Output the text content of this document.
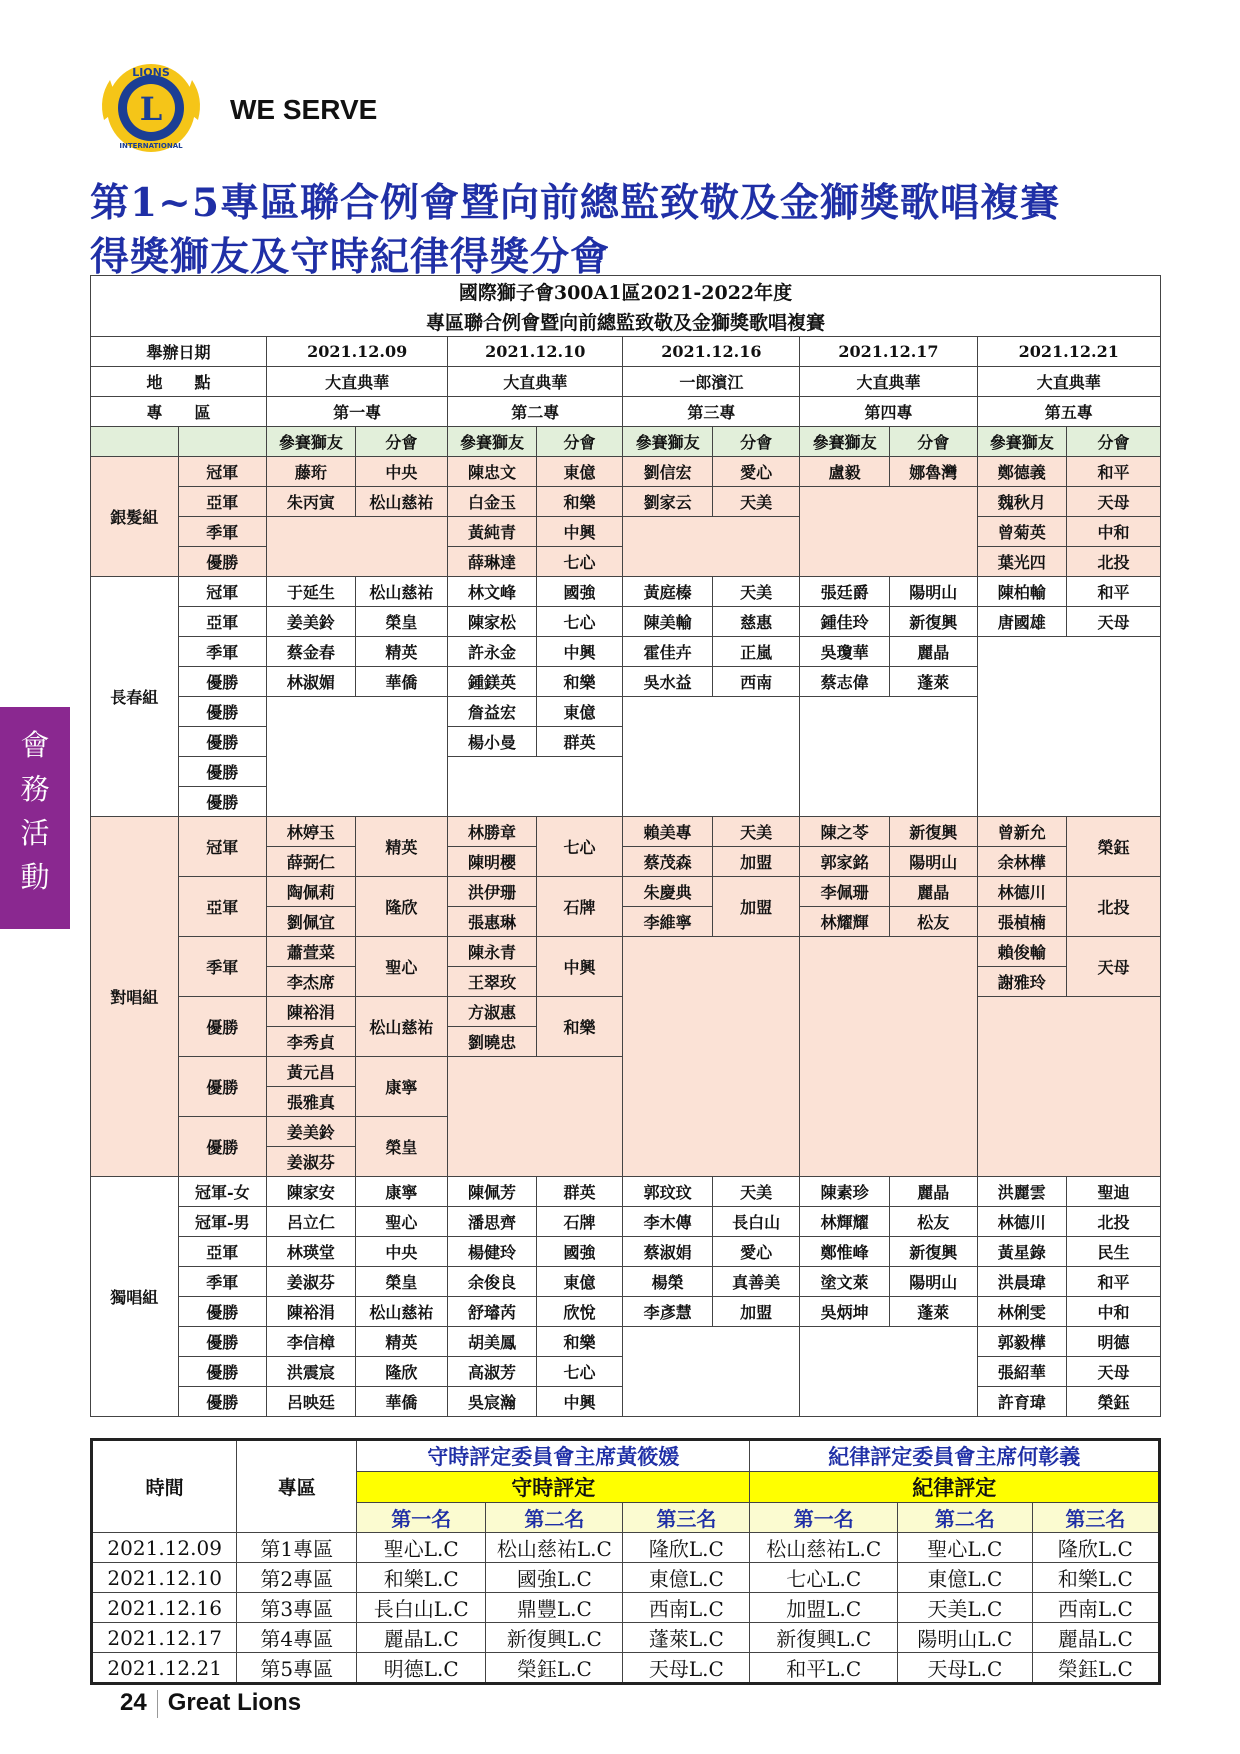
LIONS
L
INTERNATIONAL
WE SERVE
第1~5專區聯合例會暨向前總監致敬及金獅獎歌唱複賽
得獎獅友及守時紀律得獎分會
會
務
活
動
國際獅子會300A1區2021-2022年度											
專區聯合例會暨向前總監致敬及金獅獎歌唱複賽											
舉辦日期		2021.12.09		2021.12.10		2021.12.16		2021.12.17		2021.12.21	
地　　點		大直典華		大直典華		一郎濱江		大直典華		大直典華	
專　　區		第一專		第二專		第三專		第四專		第五專	
		參賽獅友	分會	參賽獅友	分會	參賽獅友	分會	參賽獅友	分會	參賽獅友	分會
銀髮組	冠軍	藤珩	中央	陳忠文	東億	劉信宏	愛心	盧毅	娜魯灣	鄭德義	和平
	亞軍	朱丙寅	松山慈祐	白金玉	和樂	劉家云	天美			魏秋月	天母
	季軍			黃純青	中興					曾菊英	中和
	優勝			薛琳達	七心					葉光四	北投
長春組	冠軍	于延生	松山慈祐	林文峰	國強	黃庭榛	天美	張廷爵	陽明山	陳柏輸	和平
	亞軍	姜美鈴	榮皇	陳家松	七心	陳美輸	慈惠	鍾佳玲	新復興	唐國雄	天母
	季軍	蔡金春	精英	許永金	中興	霍佳卉	正嵐	吳瓊華	麗晶		
	優勝	林淑媚	華僑	鍾鎂英	和樂	吳水益	西南	蔡志偉	蓬萊		
	優勝			詹益宏	東億						
	優勝			楊小曼	群英						
	優勝										
	優勝										
對唱組	冠軍	林婷玉	精英	林勝章	七心	賴美專	天美	陳之苓	新復興	曾新允	榮鈺
		薛弼仁		陳明櫻		蔡茂森	加盟	郭家銘	陽明山	余林樺	
	亞軍	陶佩莉	隆欣	洪伊珊	石牌	朱慶典	加盟	李佩珊	麗晶	林德川	北投
		劉佩宜		張惠琳		李維寧		林耀輝	松友	張楨楠	
	季軍	蕭萱菜	聖心	陳永青	中興					賴俊輸	天母
		李杰席		王翠玫						謝雅玲	
	優勝	陳裕涓	松山慈祐	方淑惠	和樂						
		李秀貞		劉曉忠							
	優勝	黃元昌	康寧								
		張雅真									
	優勝	姜美鈴	榮皇								
		姜淑芬									
獨唱組	冠軍-女	陳家安	康寧	陳佩芳	群英	郭玟玟	天美	陳素珍	麗晶	洪麗雲	聖迪
	冠軍-男	呂立仁	聖心	潘思齊	石牌	李木傳	長白山	林輝耀	松友	林德川	北投
	亞軍	林瑛堂	中央	楊健玲	國強	蔡淑娟	愛心	鄭惟峰	新復興	黃星錄	民生
	季軍	姜淑芬	榮皇	余俊良	東億	楊榮	真善美	塗文萊	陽明山	洪晨瑋	和平
	優勝	陳裕涓	松山慈祐	舒璿芮	欣悅	李彥慧	加盟	吳炳坤	蓬萊	林俐雯	中和
	優勝	李信樟	精英	胡美鳳	和樂					郭毅樺	明德
	優勝	洪震宸	隆欣	高淑芳	七心					張紹華	天母
	優勝	呂映廷	華僑	吳宸瀚	中興					許育瑋	榮鈺
時間	專區	守時評定委員會主席黃筱媛			紀律評定委員會主席何彰義		
		守時評定			紀律評定		
		第一名	第二名	第三名	第一名	第二名	第三名
2021.12.09	第1專區	聖心L.C	松山慈祐L.C	隆欣L.C	松山慈祐L.C	聖心L.C	隆欣L.C
2021.12.10	第2專區	和樂L.C	國強L.C	東億L.C	七心L.C	東億L.C	和樂L.C
2021.12.16	第3專區	長白山L.C	鼎豐L.C	西南L.C	加盟L.C	天美L.C	西南L.C
2021.12.17	第4專區	麗晶L.C	新復興L.C	蓬萊L.C	新復興L.C	陽明山L.C	麗晶L.C
2021.12.21	第5專區	明德L.C	榮鈺L.C	天母L.C	和平L.C	天母L.C	榮鈺L.C
24 Great Lions
